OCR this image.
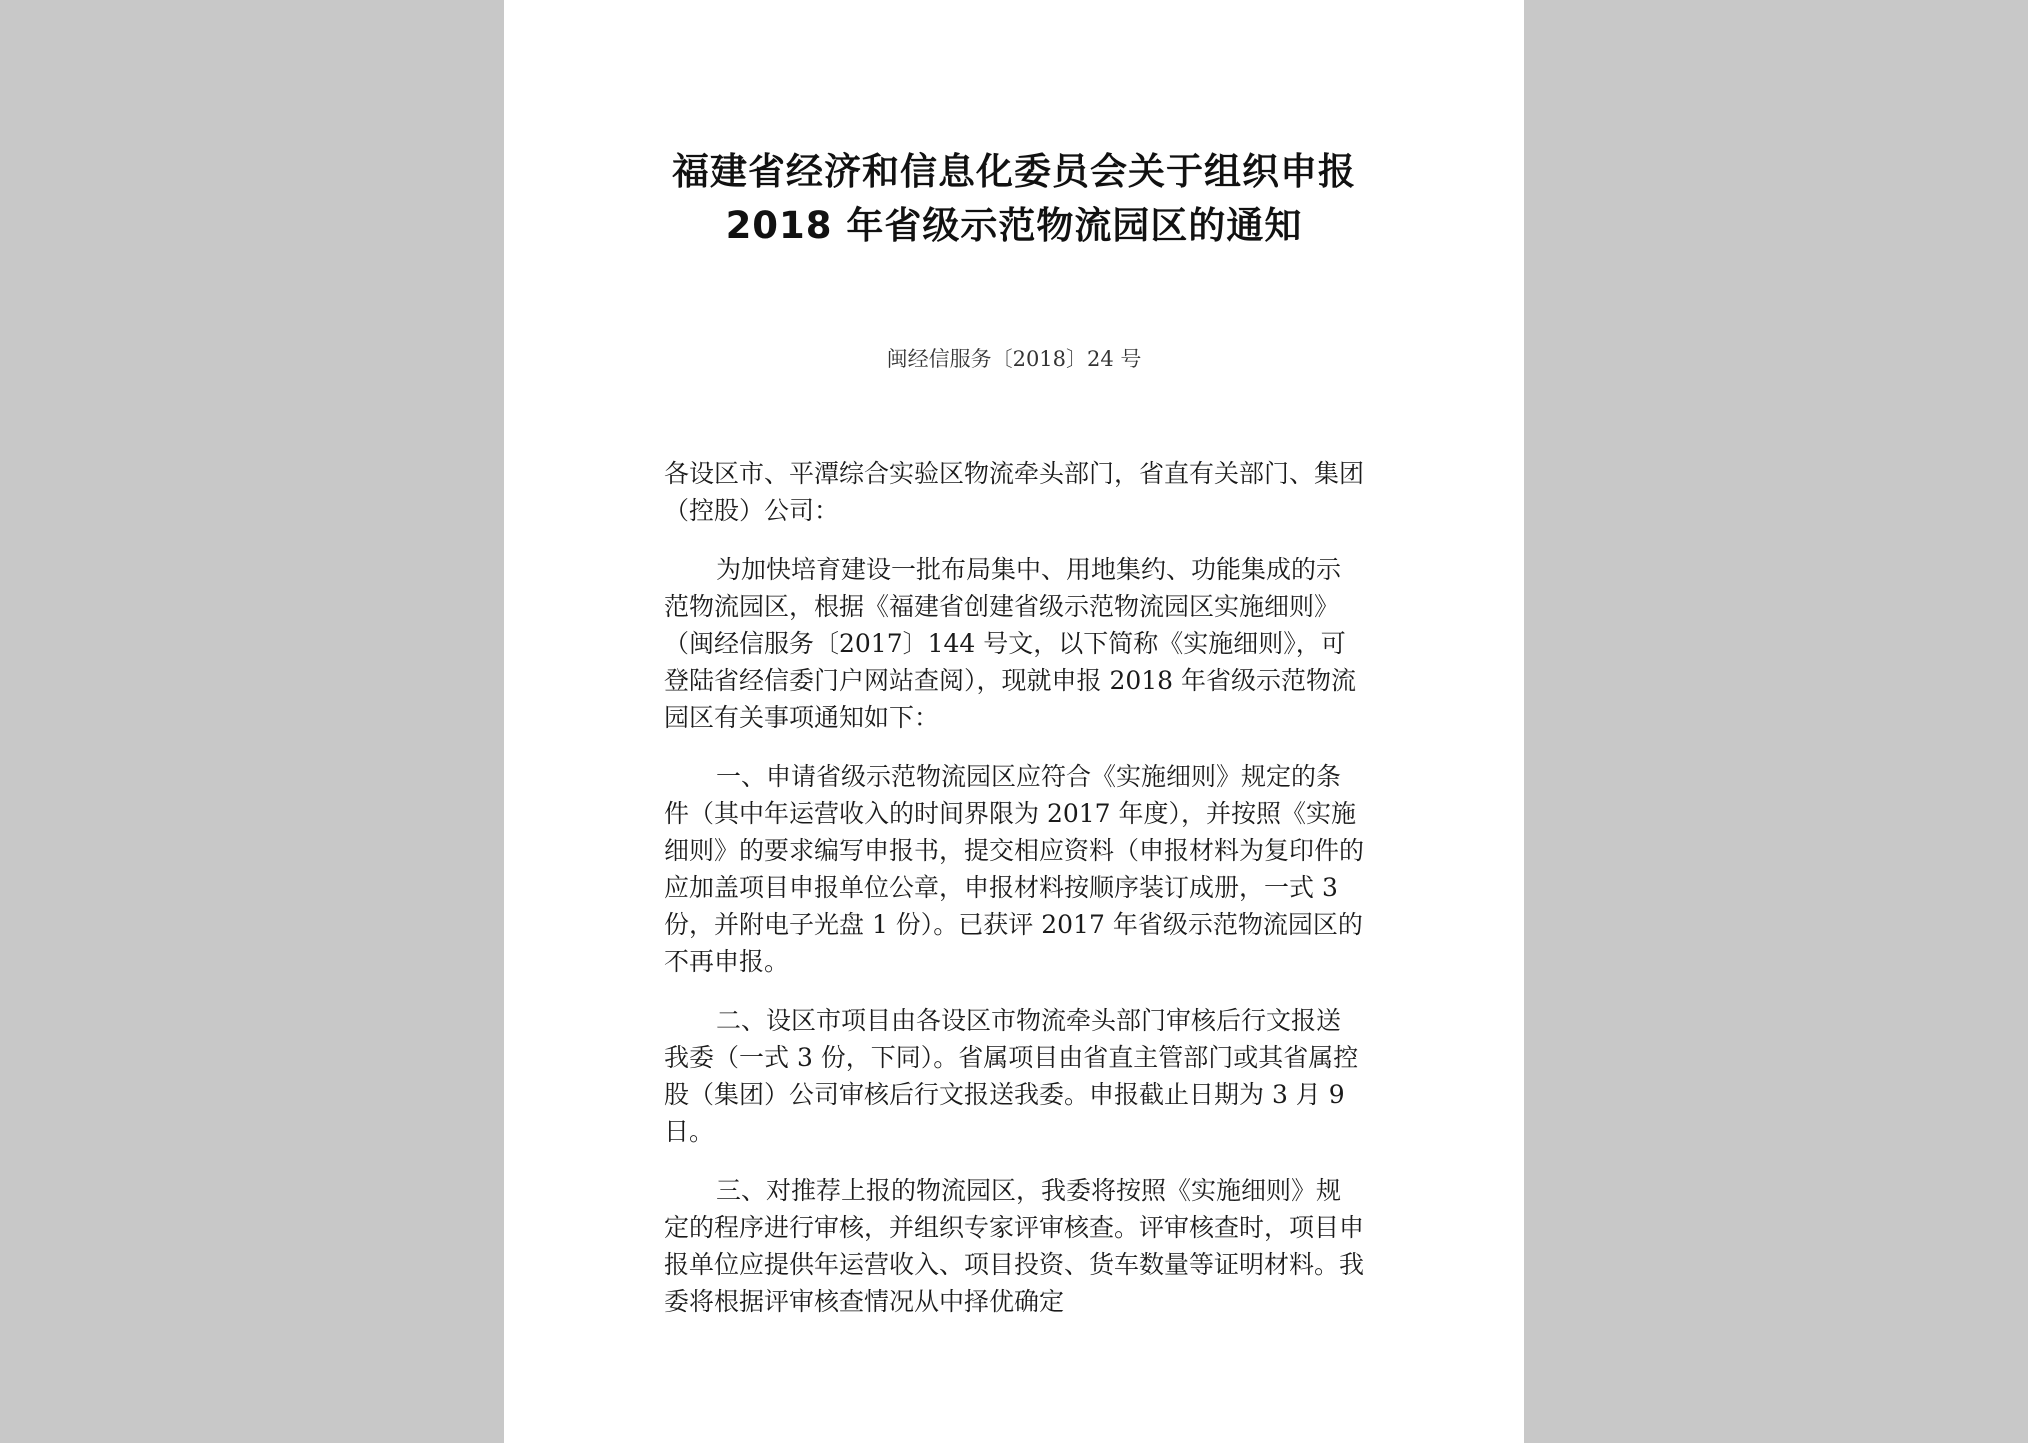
福建省经济和信息化委员会关于组织申报
2018 年省级示范物流园区的通知
闽经信服务〔2018〕24 号

各设区市、平潭综合实验区物流牵头部门，省直有关部门、集团（控股）公司：

为加快培育建设一批布局集中、用地集约、功能集成的示范物流园区，根据《福建省创建省级示范物流园区实施细则》（闽经信服务〔2017〕144 号文，以下简称《实施细则》，可登陆省经信委门户网站查阅），现就申报 2018 年省级示范物流园区有关事项通知如下：

一、申请省级示范物流园区应符合《实施细则》规定的条件（其中年运营收入的时间界限为 2017 年度），并按照《实施细则》的要求编写申报书，提交相应资料（申报材料为复印件的应加盖项目申报单位公章，申报材料按顺序装订成册，一式 3 份，并附电子光盘 1 份）。已获评 2017 年省级示范物流园区的不再申报。

二、设区市项目由各设区市物流牵头部门审核后行文报送我委（一式 3 份，下同）。省属项目由省直主管部门或其省属控股（集团）公司审核后行文报送我委。申报截止日期为 3 月 9 日。

三、对推荐上报的物流园区，我委将按照《实施细则》规定的程序进行审核，并组织专家评审核查。评审核查时，项目申报单位应提供年运营收入、项目投资、货车数量等证明材料。我委将根据评审核查情况从中择优确定
